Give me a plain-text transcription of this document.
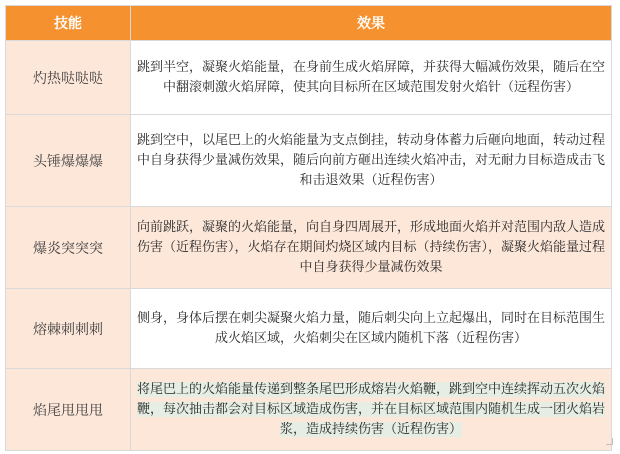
技能	效果
灼热哒哒哒	跳到半空，凝聚火焰能量，在身前生成火焰屏障，并获得大幅减伤效果，随后在空中翻滚刺激火焰屏障，使其向目标所在区域范围发射火焰针（远程伤害）
头锤爆爆爆	跳到空中，以尾巴上的火焰能量为支点倒挂，转动身体蓄力后砸向地面，转动过程中自身获得少量减伤效果，随后向前方砸出连续火焰冲击，对无耐力目标造成击飞和击退效果（近程伤害）
爆炎突突突	向前跳跃，凝聚的火焰能量，向自身四周展开，形成地面火焰并对范围内敌人造成伤害（近程伤害），火焰存在期间灼烧区域内目标（持续伤害），凝聚火焰能量过程中自身获得少量减伤效果
熔棘刺刺刺	侧身，身体后摆在刺尖凝聚火焰力量，随后刺尖向上立起爆出，同时在目标范围生成火焰区域，火焰刺尖在区域内随机下落（近程伤害）
焰尾甩甩甩	将尾巴上的火焰能量传递到整条尾巴形成熔岩火焰鞭，跳到空中连续挥动五次火焰鞭，每次抽击都会对目标区域造成伤害，并在目标区域范围内随机生成一团火焰岩浆，造成持续伤害（近程伤害）
